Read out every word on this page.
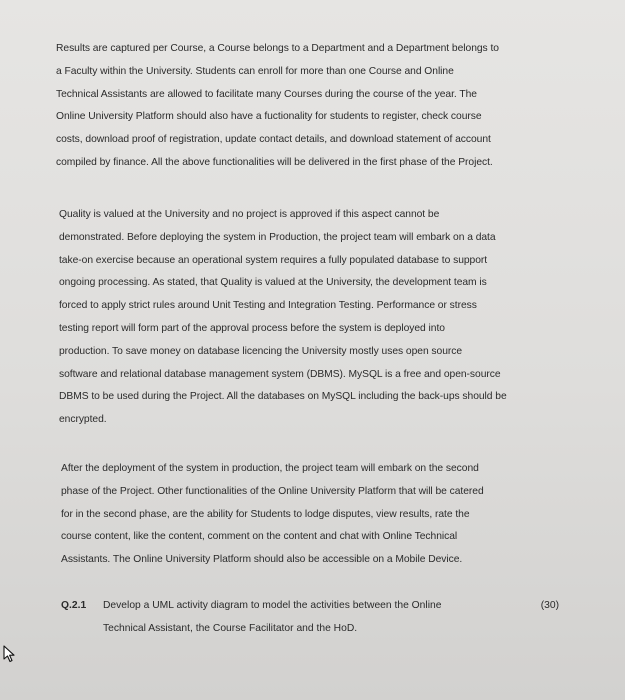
Results are captured per Course, a Course belongs to a Department and a Department belongs to
a Faculty within the University. Students can enroll for more than one Course and Online
Technical Assistants are allowed to facilitate many Courses during the course of the year. The
Online University Platform should also have a fuctionality for students to register, check course
costs, download proof of registration, update contact details, and download statement of account
compiled by finance. All the above functionalities will be delivered in the first phase of the Project.
Quality is valued at the University and no project is approved if this aspect cannot be
demonstrated. Before deploying the system in Production, the project team will embark on a data
take-on exercise because an operational system requires a fully populated database to support
ongoing processing. As stated, that Quality is valued at the University, the development team is
forced to apply strict rules around Unit Testing and Integration Testing. Performance or stress
testing report will form part of the approval process before the system is deployed into
production. To save money on database licencing the University mostly uses open source
software and relational database management system (DBMS). MySQL is a free and open-source
DBMS to be used during the Project. All the databases on MySQL including the back-ups should be
encrypted.
After the deployment of the system in production, the project team will embark on the second
phase of the Project. Other functionalities of the Online University Platform that will be catered
for in the second phase, are the ability for Students to lodge disputes, view results, rate the
course content, like the content, comment on the content and chat with Online Technical
Assistants. The Online University Platform should also be accessible on a Mobile Device.
Q.2.1 Develop a UML activity diagram to model the activities between the Online
Technical Assistant, the Course Facilitator and the HoD.
(30)
